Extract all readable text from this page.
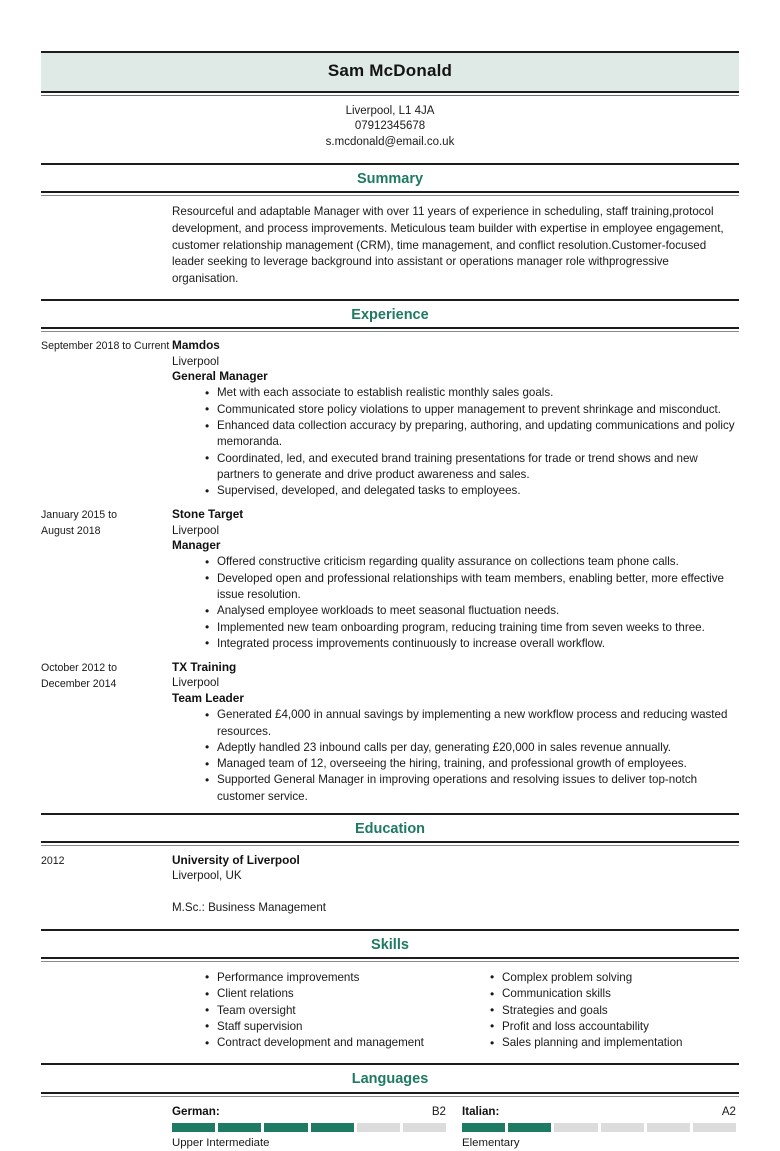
Sam McDonald
Liverpool, L1 4JA
07912345678
s.mcdonald@email.co.uk
Summary
Resourceful and adaptable Manager with over 11 years of experience in scheduling, staff training,protocol development, and process improvements. Meticulous team builder with expertise in employee engagement, customer relationship management (CRM), time management, and conflict resolution.Customer-focused leader seeking to leverage background into assistant or operations manager role withprogressive organisation.
Experience
September 2018 to Current Mamdos
Liverpool
General Manager
• Met with each associate to establish realistic monthly sales goals.
• Communicated store policy violations to upper management to prevent shrinkage and misconduct.
• Enhanced data collection accuracy by preparing, authoring, and updating communications and policy memoranda.
• Coordinated, led, and executed brand training presentations for trade or trend shows and new partners to generate and drive product awareness and sales.
• Supervised, developed, and delegated tasks to employees.
January 2015 to
August 2018
Stone Target
Liverpool
Manager
• Offered constructive criticism regarding quality assurance on collections team phone calls.
• Developed open and professional relationships with team members, enabling better, more effective issue resolution.
• Analysed employee workloads to meet seasonal fluctuation needs.
• Implemented new team onboarding program, reducing training time from seven weeks to three.
• Integrated process improvements continuously to increase overall workflow.
October 2012 to
December 2014
TX Training
Liverpool
Team Leader
• Generated £4,000 in annual savings by implementing a new workflow process and reducing wasted resources.
• Adeptly handled 23 inbound calls per day, generating £20,000 in sales revenue annually.
• Managed team of 12, overseeing the hiring, training, and professional growth of employees.
• Supported General Manager in improving operations and resolving issues to deliver top-notch customer service.
Education
2012	University of Liverpool
Liverpool, UK
M.Sc.: Business Management
Skills
• Performance improvements
• Client relations
• Team oversight
• Staff supervision
• Contract development and management
• Complex problem solving
• Communication skills
• Strategies and goals
• Profit and loss accountability
• Sales planning and implementation
Languages
German:	B2
Upper Intermediate
Italian:	A2
Elementary
